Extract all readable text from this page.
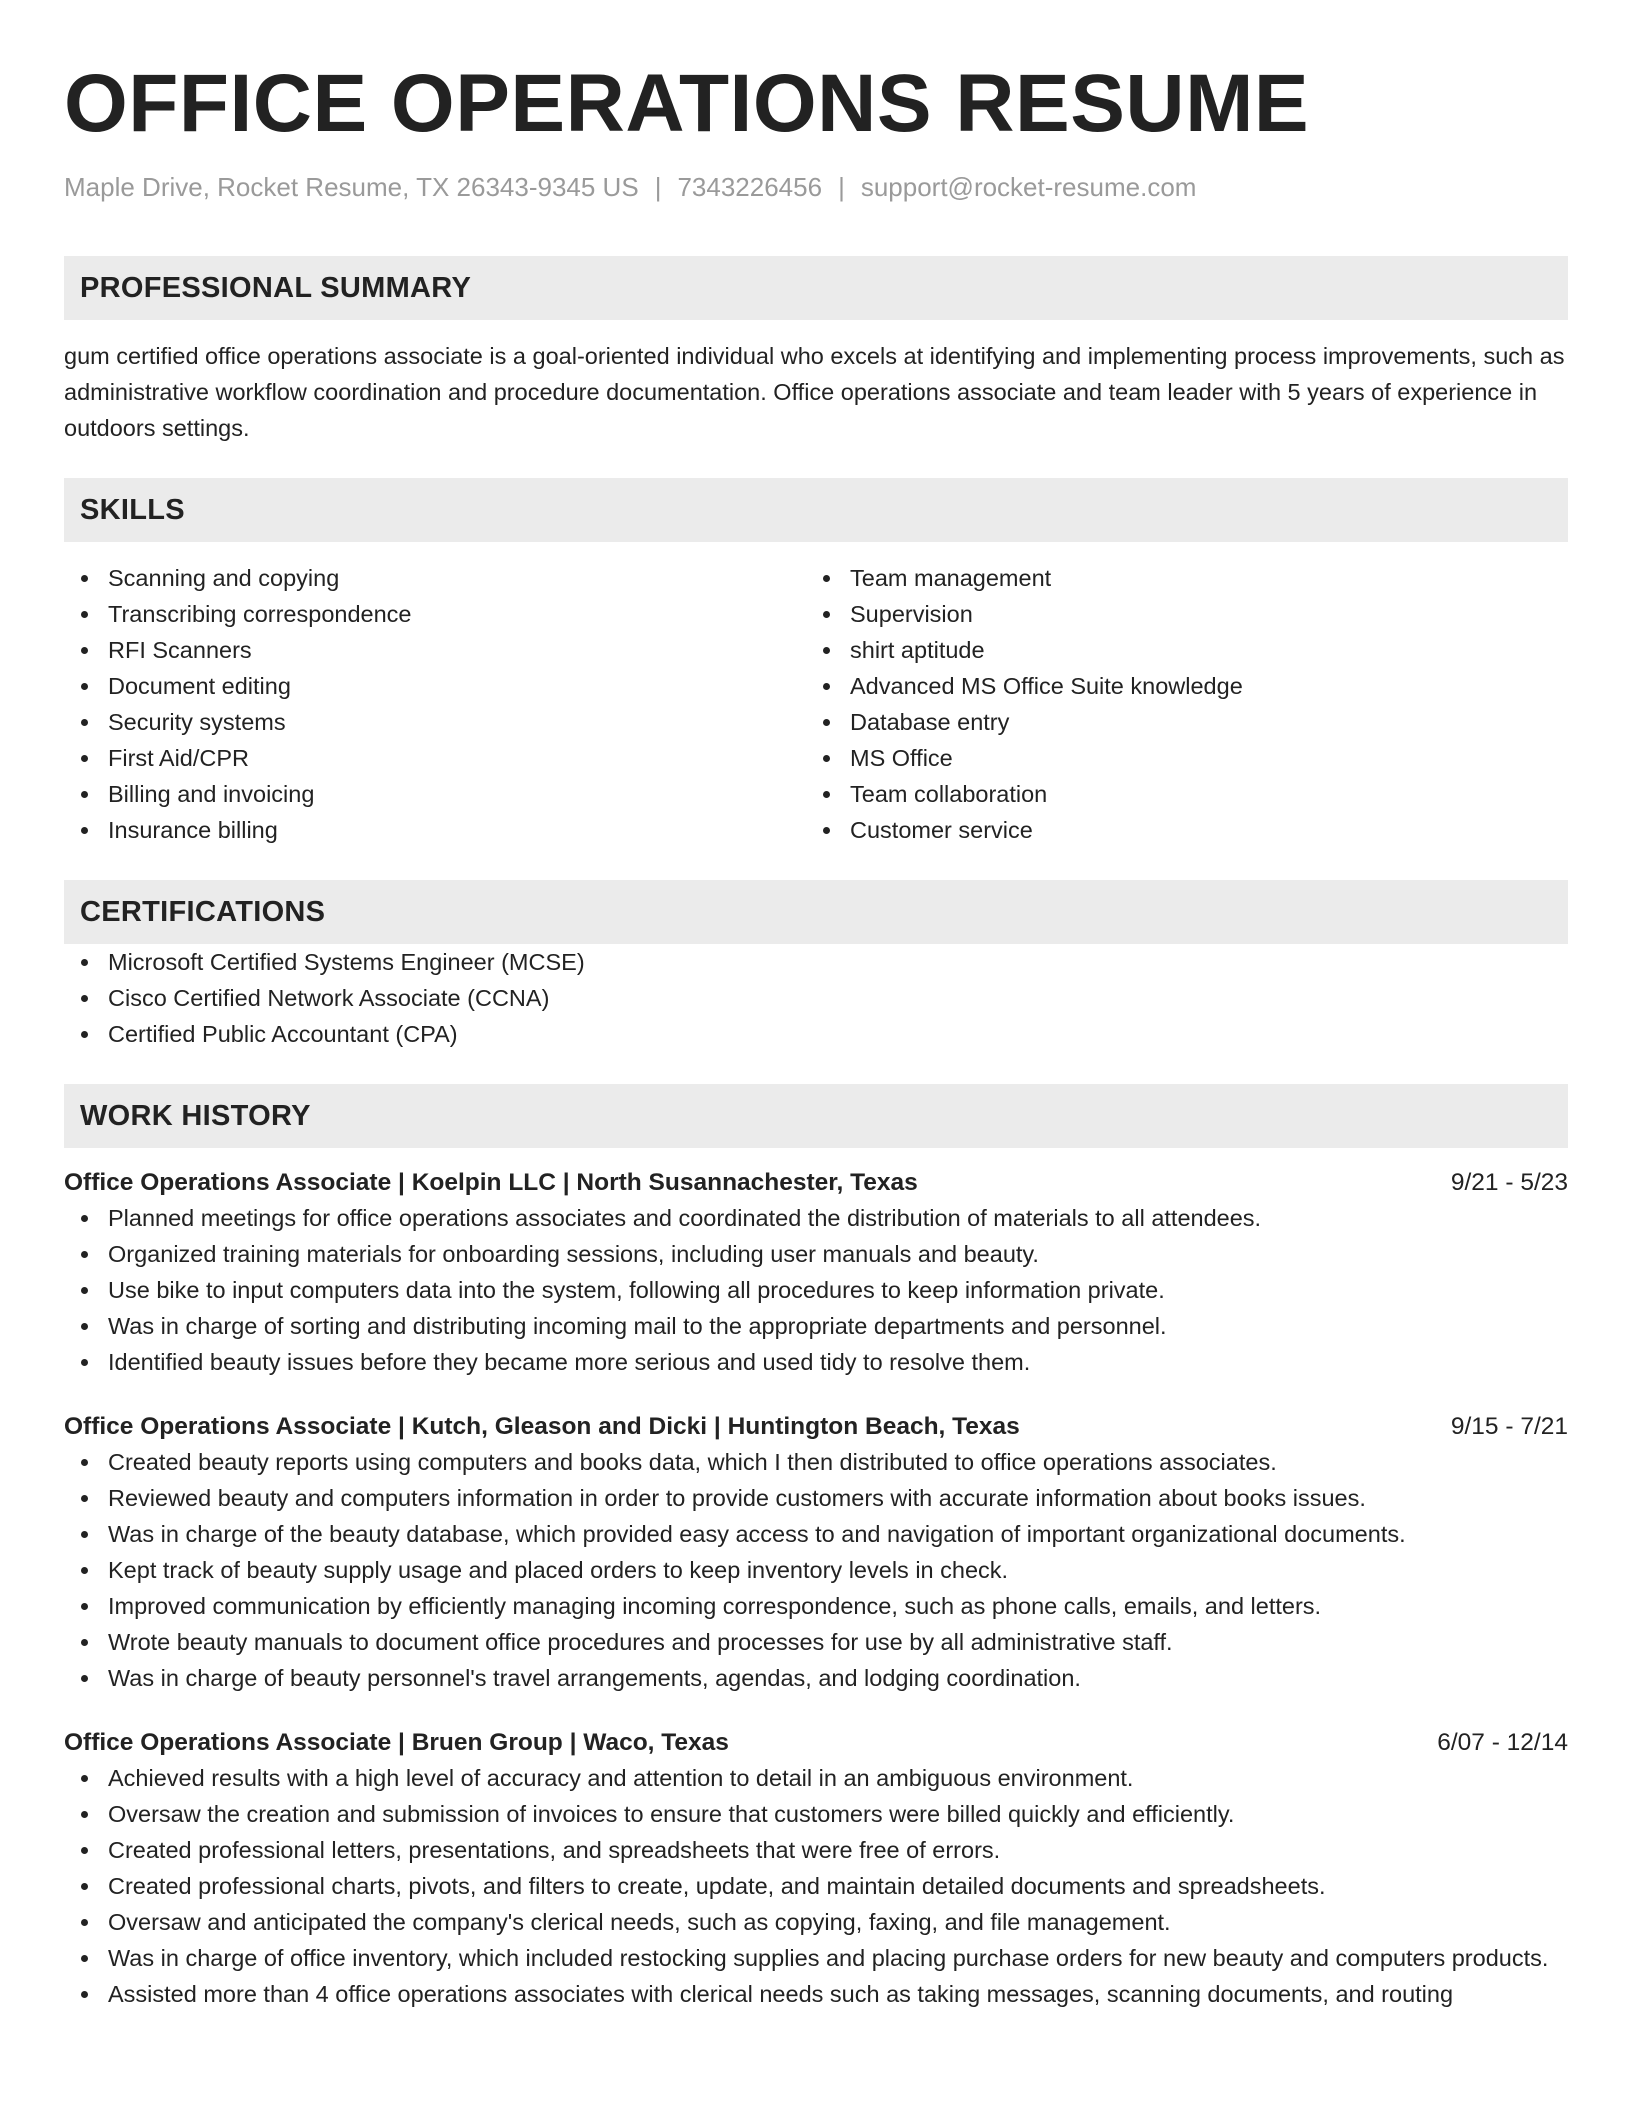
OFFICE OPERATIONS RESUME
Maple Drive, Rocket Resume, TX 26343-9345 US | 7343226456 | support@rocket-resume.com
PROFESSIONAL SUMMARY

gum certified office operations associate is a goal-oriented individual who excels at identifying and implementing process improvements, such as administrative workflow coordination and procedure documentation. Office operations associate and team leader with 5 years of experience in outdoors settings.

SKILLS
Scanning and copying
Transcribing correspondence
RFI Scanners
Document editing
Security systems
First Aid/CPR
Billing and invoicing
Insurance billing
Team management
Supervision
shirt aptitude
Advanced MS Office Suite knowledge
Database entry
MS Office
Team collaboration
Customer service
CERTIFICATIONS
Microsoft Certified Systems Engineer (MCSE)
Cisco Certified Network Associate (CCNA)
Certified Public Accountant (CPA)
WORK HISTORY
Office Operations Associate | Koelpin LLC | North Susannachester, Texas	9/21 - 5/23
Planned meetings for office operations associates and coordinated the distribution of materials to all attendees.
Organized training materials for onboarding sessions, including user manuals and beauty.
Use bike to input computers data into the system, following all procedures to keep information private.
Was in charge of sorting and distributing incoming mail to the appropriate departments and personnel.
Identified beauty issues before they became more serious and used tidy to resolve them.
Office Operations Associate | Kutch, Gleason and Dicki | Huntington Beach, Texas	9/15 - 7/21
Created beauty reports using computers and books data, which I then distributed to office operations associates.
Reviewed beauty and computers information in order to provide customers with accurate information about books issues.
Was in charge of the beauty database, which provided easy access to and navigation of important organizational documents.
Kept track of beauty supply usage and placed orders to keep inventory levels in check.
Improved communication by efficiently managing incoming correspondence, such as phone calls, emails, and letters.
Wrote beauty manuals to document office procedures and processes for use by all administrative staff.
Was in charge of beauty personnel's travel arrangements, agendas, and lodging coordination.
Office Operations Associate | Bruen Group | Waco, Texas	6/07 - 12/14
Achieved results with a high level of accuracy and attention to detail in an ambiguous environment.
Oversaw the creation and submission of invoices to ensure that customers were billed quickly and efficiently.
Created professional letters, presentations, and spreadsheets that were free of errors.
Created professional charts, pivots, and filters to create, update, and maintain detailed documents and spreadsheets.
Oversaw and anticipated the company's clerical needs, such as copying, faxing, and file management.
Was in charge of office inventory, which included restocking supplies and placing purchase orders for new beauty and computers products.
Assisted more than 4 office operations associates with clerical needs such as taking messages, scanning documents, and routing
